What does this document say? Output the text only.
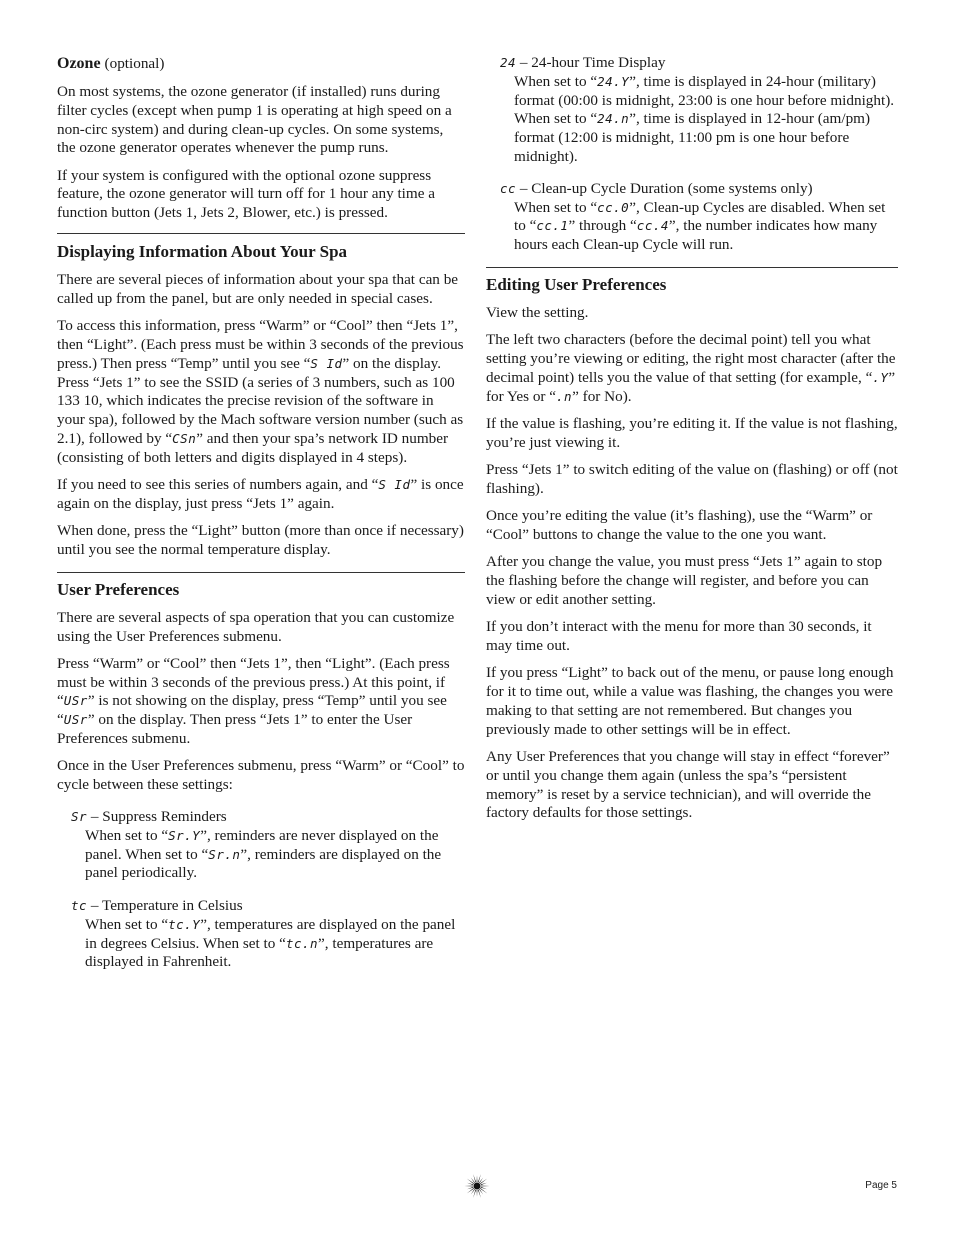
Ozone (optional)

On most systems, the ozone generator (if installed) runs during filter cycles (except when pump 1 is operating at high speed on a non-circ system) and during clean-up cycles. On some systems, the ozone generator operates whenever the pump runs.

If your system is configured with the optional ozone suppress feature, the ozone generator will turn off for 1 hour any time a function button (Jets 1, Jets 2, Blower, etc.) is pressed.

Displaying Information About Your Spa

There are several pieces of information about your spa that can be called up from the panel, but are only needed in special cases.

To access this information, press “Warm” or “Cool” then “Jets 1”, then “Light”. (Each press must be within 3 seconds of the previous press.) Then press “Temp” until you see “S Id” on the display. Press “Jets 1” to see the SSID (a series of 3 numbers, such as 100 133 10, which indicates the precise revision of the software in your spa), followed by the Mach software version number (such as 2.1), followed by “CSn” and then your spa’s network ID number (consisting of both letters and digits displayed in 4 steps).

If you need to see this series of numbers again, and “S Id” is once again on the display, just press “Jets 1” again.

When done, press the “Light” button (more than once if necessary) until you see the normal temperature display.

User Preferences

There are several aspects of spa operation that you can customize using the User Preferences submenu.

Press “Warm” or “Cool” then “Jets 1”, then “Light”. (Each press must be within 3 seconds of the previous press.) At this point, if “USr” is not showing on the display, press “Temp” until you see “USr” on the display. Then press “Jets 1” to enter the User Preferences submenu.

Once in the User Preferences submenu, press “Warm” or “Cool” to cycle between these settings:

Sr – Suppress Reminders
When set to “Sr.Y”, reminders are never displayed on the panel. When set to “Sr.n”, reminders are displayed on the panel periodically.
tc – Temperature in Celsius
When set to “tc.Y”, temperatures are displayed on the panel in degrees Celsius. When set to “tc.n”, temperatures are displayed in Fahrenheit.
24 – 24-hour Time Display
When set to “24.Y”, time is displayed in 24-hour (military) format (00:00 is midnight, 23:00 is one hour before midnight). When set to “24.n”, time is displayed in 12-hour (am/pm) format (12:00 is midnight, 11:00 pm is one hour before midnight).
cc – Clean-up Cycle Duration (some systems only)
When set to “cc.0”, Clean-up Cycles are disabled. When set to “cc.1” through “cc.4”, the number indicates how many hours each Clean-up Cycle will run.
Editing User Preferences

View the setting.

The left two characters (before the decimal point) tell you what setting you’re viewing or editing, the right most character (after the decimal point) tells you the value of that setting (for example, “.Y” for Yes or “.n” for No).

If the value is flashing, you’re editing it. If the value is not flashing, you’re just viewing it.

Press “Jets 1” to switch editing of the value on (flashing) or off (not flashing).

Once you’re editing the value (it’s flashing), use the “Warm” or “Cool” buttons to change the value to the one you want.

After you change the value, you must press “Jets 1” again to stop the flashing before the change will register, and before you can view or edit another setting.

If you don’t interact with the menu for more than 30 seconds, it may time out.

If you press “Light” to back out of the menu, or pause long enough for it to time out, while a value was flashing, the changes you were making to that setting are not remembered. But changes you previously made to other settings will be in effect.

Any User Preferences that you change will stay in effect “forever” or until you change them again (unless the spa’s “persistent memory” is reset by a service technician), and will override the factory defaults for those settings.

Page 5
